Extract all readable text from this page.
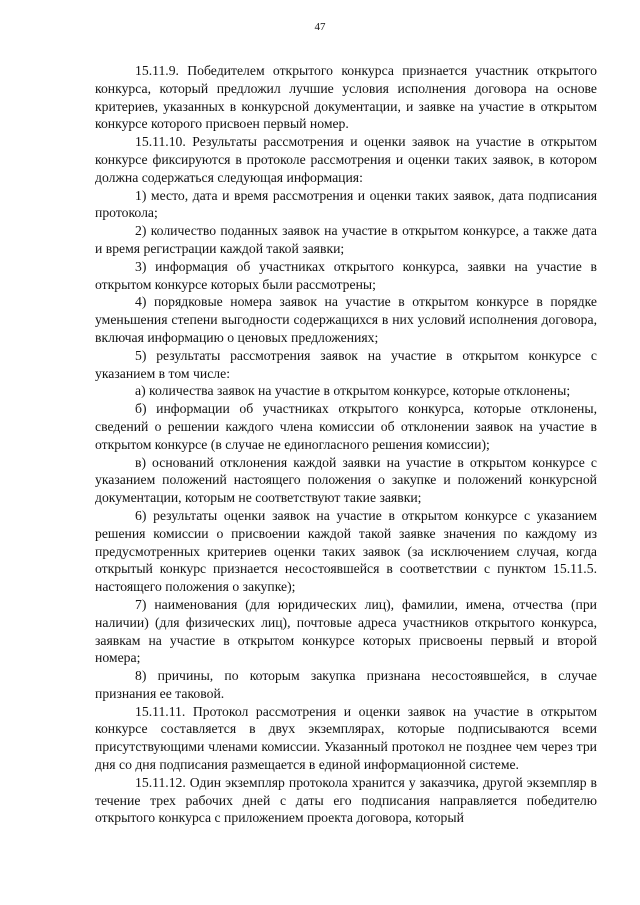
47

15.11.9. Победителем открытого конкурса признается участник открытого конкурса, который предложил лучшие условия исполнения договора на основе критериев, указанных в конкурсной документации, и заявке на участие в открытом конкурсе которого присвоен первый номер.

15.11.10. Результаты рассмотрения и оценки заявок на участие в открытом конкурсе фиксируются в протоколе рассмотрения и оценки таких заявок, в котором должна содержаться следующая информация:

1) место, дата и время рассмотрения и оценки таких заявок, дата подписания протокола;

2) количество поданных заявок на участие в открытом конкурсе, а также дата и время регистрации каждой такой заявки;

3) информация об участниках открытого конкурса, заявки на участие в открытом конкурсе которых были рассмотрены;

4) порядковые номера заявок на участие в открытом конкурсе в порядке уменьшения степени выгодности содержащихся в них условий исполнения договора, включая информацию о ценовых предложениях;

5) результаты рассмотрения заявок на участие в открытом конкурсе с указанием в том числе:

а) количества заявок на участие в открытом конкурсе, которые отклонены;

б) информации об участниках открытого конкурса, которые отклонены, сведений о решении каждого члена комиссии об отклонении заявок на участие в открытом конкурсе (в случае не единогласного решения комиссии);

в) оснований отклонения каждой заявки на участие в открытом конкурсе с указанием положений настоящего положения о закупке и положений конкурсной документации, которым не соответствуют такие заявки;

6) результаты оценки заявок на участие в открытом конкурсе с указанием решения комиссии о присвоении каждой такой заявке значения по каждому из предусмотренных критериев оценки таких заявок (за исключением случая, когда открытый конкурс признается несостоявшейся в соответствии с пунктом 15.11.5. настоящего положения о закупке);

7) наименования (для юридических лиц), фамилии, имена, отчества (при наличии) (для физических лиц), почтовые адреса участников открытого конкурса, заявкам на участие в открытом конкурсе которых присвоены первый и второй номера;

8) причины, по которым закупка признана несостоявшейся, в случае признания ее таковой.

15.11.11. Протокол рассмотрения и оценки заявок на участие в открытом конкурсе составляется в двух экземплярах, которые подписываются всеми присутствующими членами комиссии. Указанный протокол не позднее чем через три дня со дня подписания размещается в единой информационной системе.

15.11.12. Один экземпляр протокола хранится у заказчика, другой экземпляр в течение трех рабочих дней с даты его подписания направляется победителю открытого конкурса с приложением проекта договора, который
